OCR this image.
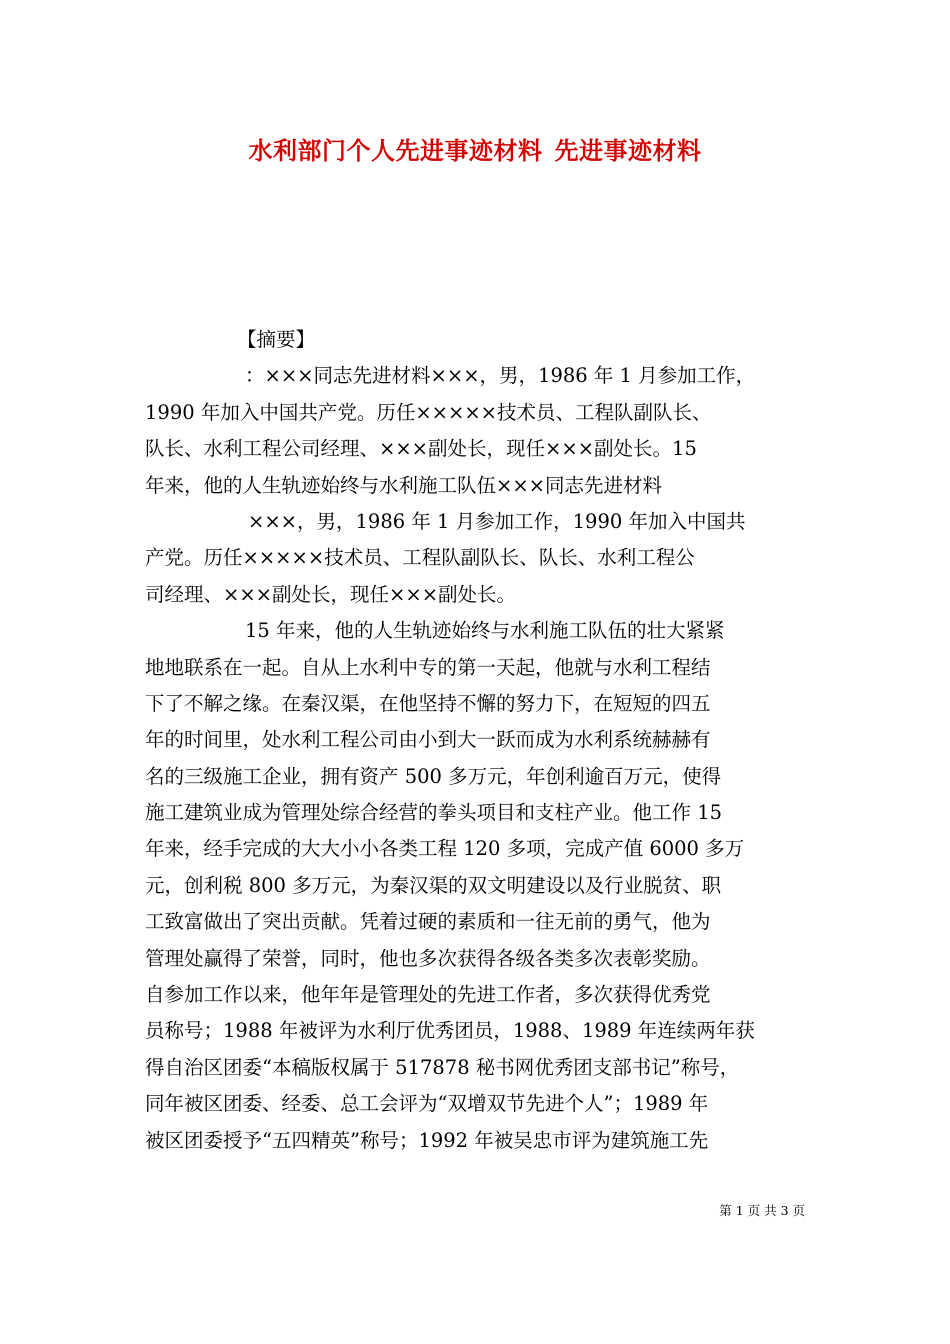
水利部门个人先进事迹材料 先进事迹材料
【摘要】
：×××同志先进材料×××，男，1986 年 1 月参加工作，
1990 年加入中国共产党。历任×××××技术员、工程队副队长、
队长、水利工程公司经理、×××副处长，现任×××副处长。15
年来，他的人生轨迹始终与水利施工队伍×××同志先进材料
×××，男，1986 年 1 月参加工作，1990 年加入中国共
产党。历任×××××技术员、工程队副队长、队长、水利工程公
司经理、×××副处长，现任×××副处长。
15 年来，他的人生轨迹始终与水利施工队伍的壮大紧紧
地地联系在一起。自从上水利中专的第一天起，他就与水利工程结
下了不解之缘。在秦汉渠，在他坚持不懈的努力下，在短短的四五
年的时间里，处水利工程公司由小到大一跃而成为水利系统赫赫有
名的三级施工企业，拥有资产 500 多万元，年创利逾百万元，使得
施工建筑业成为管理处综合经营的拳头项目和支柱产业。他工作 15
年来，经手完成的大大小小各类工程 120 多项，完成产值 6000 多万
元，创利税 800 多万元，为秦汉渠的双文明建设以及行业脱贫、职
工致富做出了突出贡献。凭着过硬的素质和一往无前的勇气，他为
管理处赢得了荣誉，同时，他也多次获得各级各类多次表彰奖励。
自参加工作以来，他年年是管理处的先进工作者，多次获得优秀党
员称号；1988 年被评为水利厅优秀团员，1988、1989 年连续两年获
得自治区团委“本稿版权属于 517878 秘书网优秀团支部书记”称号，
同年被区团委、经委、总工会评为“双增双节先进个人”；1989 年
被区团委授予“五四精英”称号；1992 年被吴忠市评为建筑施工先
第 1 页 共 3 页
